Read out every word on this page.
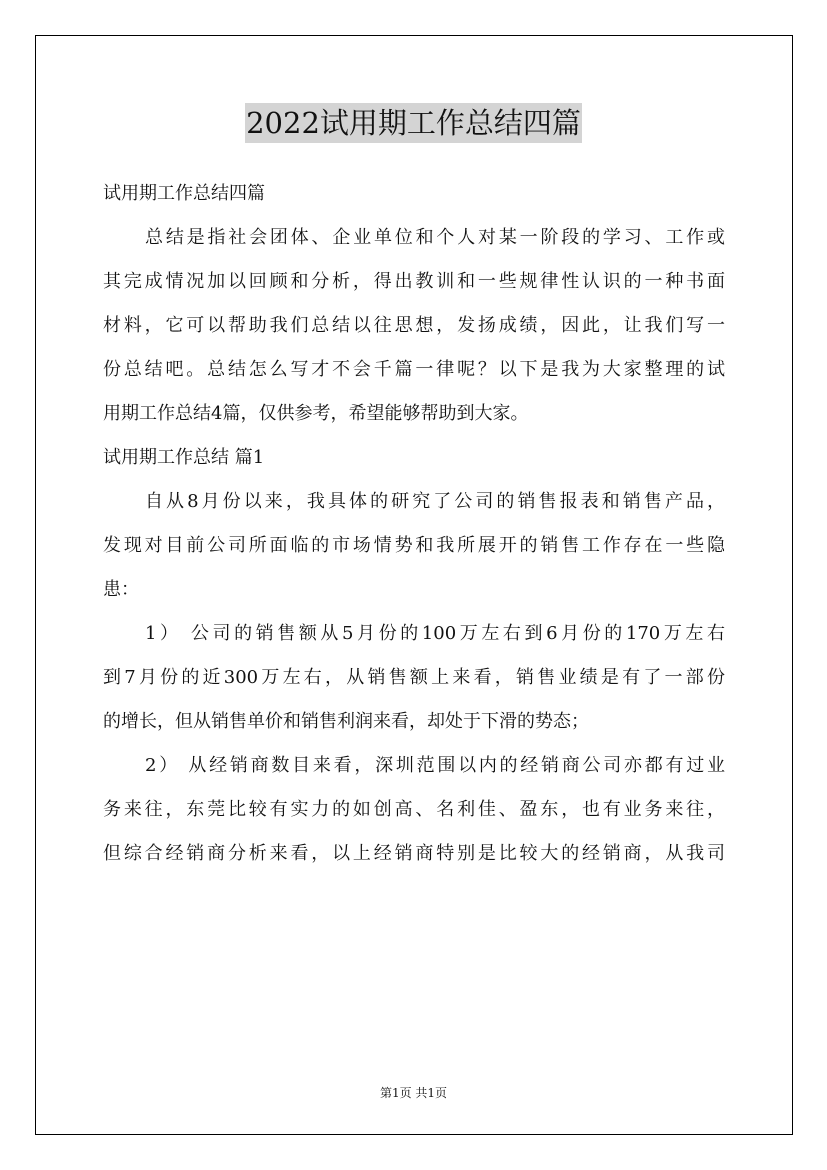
2022试用期工作总结四篇

试用期工作总结四篇

总结是指社会团体、企业单位和个人对某一阶段的学习、工作或

其完成情况加以回顾和分析，得出教训和一些规律性认识的一种书面

材料，它可以帮助我们总结以往思想，发扬成绩，因此，让我们写一

份总结吧。总结怎么写才不会千篇一律呢？以下是我为大家整理的试

用期工作总结4篇，仅供参考，希望能够帮助到大家。

试用期工作总结 篇1

自从8月份以来，我具体的研究了公司的销售报表和销售产品，

发现对目前公司所面临的市场情势和我所展开的销售工作存在一些隐

患：

1） 公司的销售额从5月份的100万左右到6月份的170万左右

到7月份的近300万左右，从销售额上来看，销售业绩是有了一部份

的增长，但从销售单价和销售利润来看，却处于下滑的势态；

2） 从经销商数目来看，深圳范围以内的经销商公司亦都有过业

务来往，东莞比较有实力的如创高、名利佳、盈东，也有业务来往，

但综合经销商分析来看，以上经销商特别是比较大的经销商，从我司

第1页 共1页
